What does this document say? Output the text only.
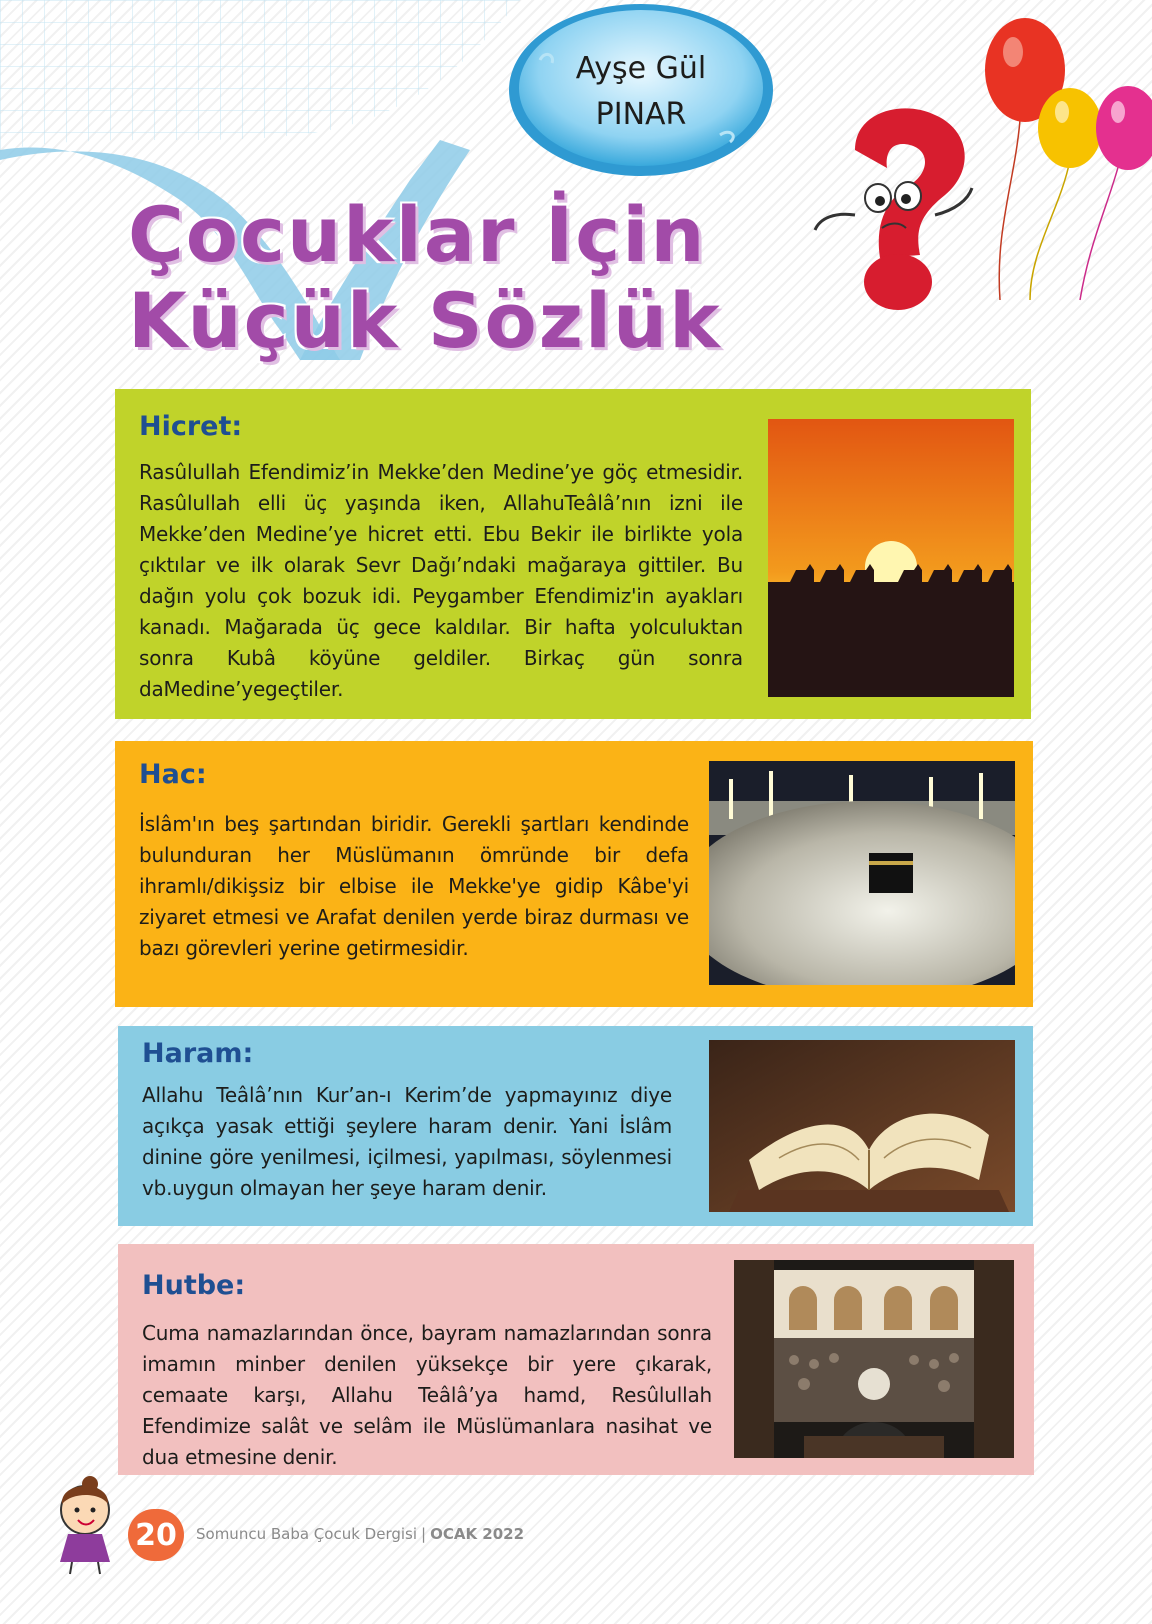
Ayşe Gül
PINAR
Çocuklar İçin
Küçük Sözlük
Hicret:

Rasûlullah Efendimiz’in Mekke’den Medine’ye göç etmesidir. Rasûlullah elli üç yaşında iken, AllahuTeâlâ’nın izni ile Mekke’den Medine’ye hicret etti. Ebu Bekir ile birlikte yola çıktılar ve ilk olarak Sevr Dağı’ndaki mağaraya gittiler. Bu dağın yolu çok bozuk idi. Peygamber Efendimiz'in ayakları kanadı. Mağarada üç gece kaldılar. Bir hafta yolculuktan sonra Kubâ köyüne geldiler. Birkaç gün sonra daMedine’yegeçtiler.

Hac:

İslâm'ın beş şartından biridir. Gerekli şartları kendinde bulunduran her Müslümanın ömründe bir defa ihramlı/dikişsiz bir elbise ile Mekke'ye gidip Kâbe'yi ziyaret etmesi ve Arafat denilen yerde biraz durması ve bazı görevleri yerine getirmesidir.

Haram:

Allahu Teâlâ’nın Kur’an-ı Kerim’de yapmayınız diye açıkça yasak ettiği şeylere haram denir. Yani İslâm dinine göre yenilmesi, içilmesi, yapılması, söylenmesi vb.uygun olmayan her şeye haram denir.

Hutbe:

Cuma namazlarından önce, bayram namazlarından sonra imamın minber denilen yüksekçe bir yere çıkarak, cemaate karşı, Allahu Teâlâ’ya hamd, Resûlullah Efendimize salât ve selâm ile Müslümanlara nasihat ve dua etmesine denir.

20	Somuncu Baba Çocuk Dergisi | OCAK 2022
